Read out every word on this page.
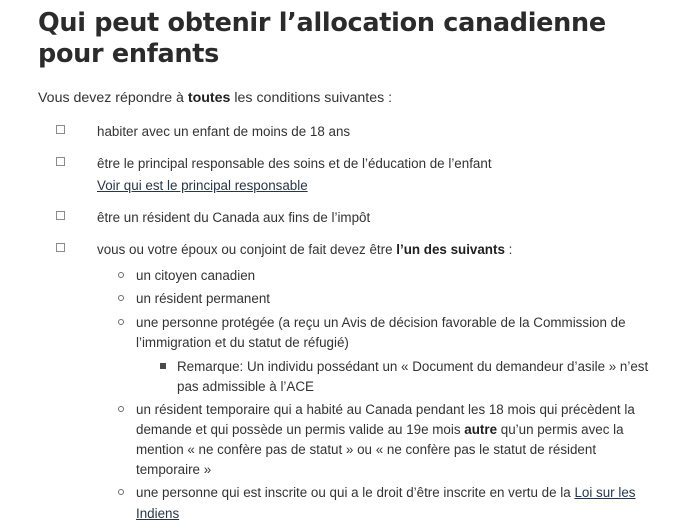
Qui peut obtenir l’allocation canadienne pour enfants

Vous devez répondre à toutes les conditions suivantes :

habiter avec un enfant de moins de 18 ans
être le principal responsable des soins et de l’éducation de l’enfant
Voir qui est le principal responsable
être un résident du Canada aux fins de l’impôt
vous ou votre époux ou conjoint de fait devez être l’un des suivants :
un citoyen canadien
un résident permanent
une personne protégée (a reçu un Avis de décision favorable de la Commission de l’immigration et du statut de réfugié)
Remarque: Un individu possédant un « Document du demandeur d’asile » n’est pas admissible à l’ACE
un résident temporaire qui a habité au Canada pendant les 18 mois qui précèdent la demande et qui possède un permis valide au 19e mois autre qu’un permis avec la mention « ne confère pas de statut » ou « ne confère pas le statut de résident temporaire »
une personne qui est inscrite ou qui a le droit d’être inscrite en vertu de la Loi sur les Indiens
